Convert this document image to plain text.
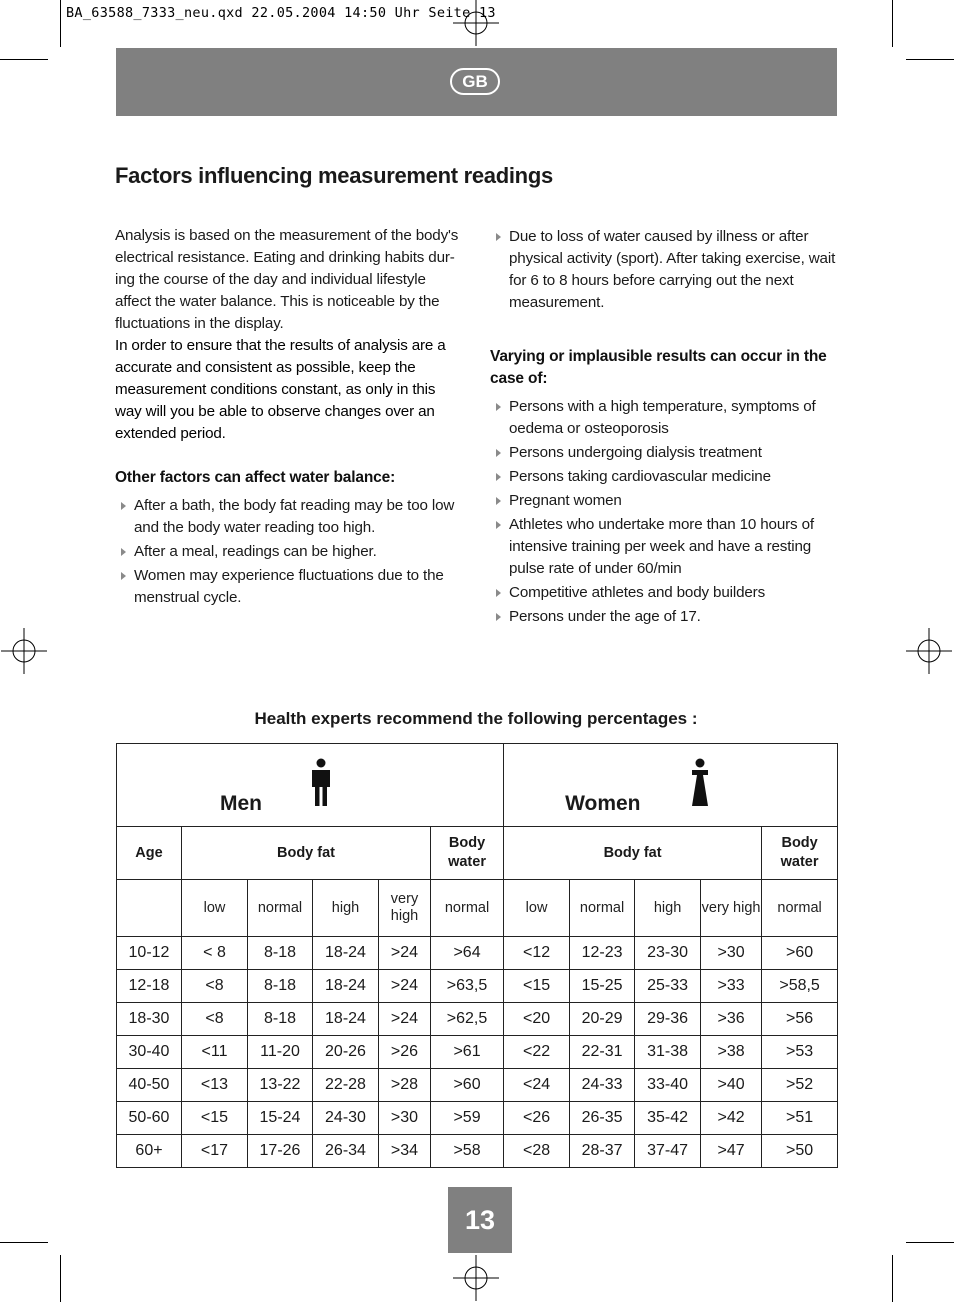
BA_63588_7333_neu.qxd 22.05.2004 14:50 Uhr Seite 13
GB
Factors influencing measurement readings

Analysis is based on the measurement of the body's electrical resistance. Eating and drinking habits dur-ing the course of the day and individual lifestyle affect the water balance. This is noticeable by the fluctuations in the display.

In order to ensure that the results of analysis are a accurate and consistent as possible, keep the measurement conditions constant, as only in this way will you be able to observe changes over an extended period.

Other factors can affect water balance:

After a bath, the body fat reading may be too low and the body water reading too high.
After a meal, readings can be higher.
Women may experience fluctuations due to the menstrual cycle.
Due to loss of water caused by illness or after physical activity (sport). After taking exercise, wait for 6 to 8 hours before carrying out the next measurement.

Varying or implausible results can occur in the case of:

Persons with a high temperature, symptoms of oedema or osteoporosis
Persons undergoing dialysis treatment
Persons taking cardiovascular medicine
Pregnant women
Athletes who undertake more than 10 hours of intensive training per week and have a resting pulse rate of under 60/min
Competitive athletes and body builders
Persons under the age of 17.

Health experts recommend the following percentages :

Men						Women				

Age	Body fat				Body water	Body fat				Body water
	low	normal	high	very high	normal	low	normal	high	very high	normal
10-12	< 8	8-18	18-24	>24	>64	<12	12-23	23-30	>30	>60
12-18	<8	8-18	18-24	>24	>63,5	<15	15-25	25-33	>33	>58,5
18-30	<8	8-18	18-24	>24	>62,5	<20	20-29	29-36	>36	>56
30-40	<11	11-20	20-26	>26	>61	<22	22-31	31-38	>38	>53
40-50	<13	13-22	22-28	>28	>60	<24	24-33	33-40	>40	>52
50-60	<15	15-24	24-30	>30	>59	<26	26-35	35-42	>42	>51
60+	<17	17-26	26-34	>34	>58	<28	28-37	37-47	>47	>50
13
